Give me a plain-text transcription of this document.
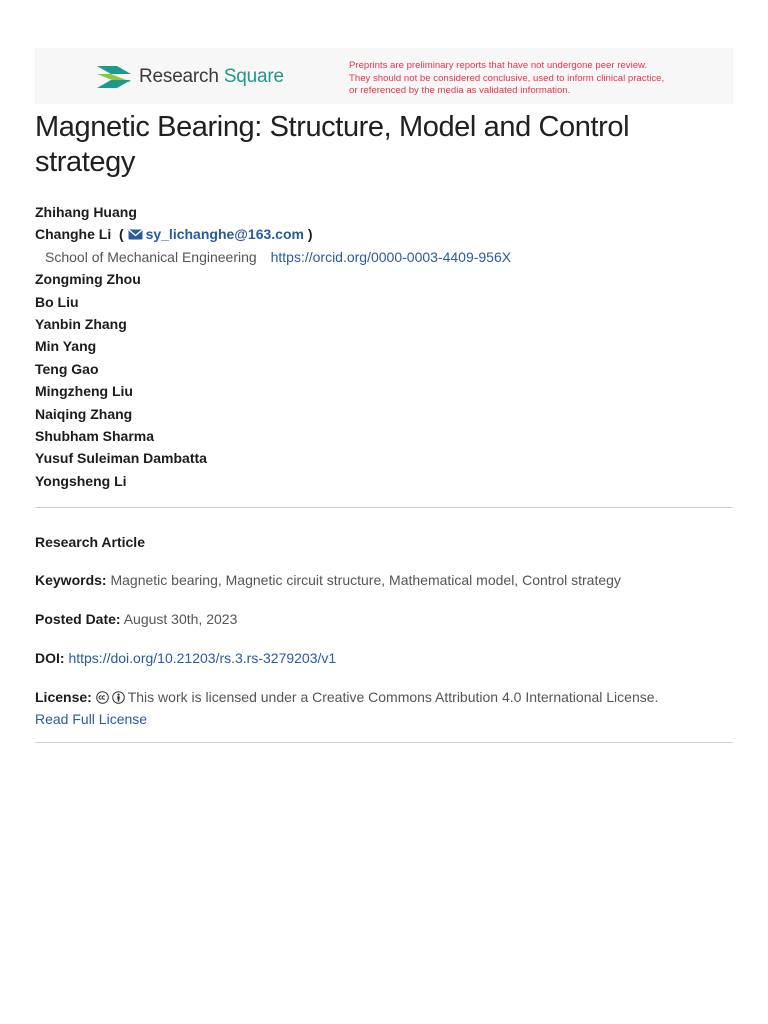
Research Square
Preprints are preliminary reports that have not undergone peer review.
They should not be considered conclusive, used to inform clinical practice,
or referenced by the media as validated information.
Magnetic Bearing: Structure, Model and Control strategy
Zhihang Huang
Changhe Li ( sy_lichanghe@163.com )
School of Mechanical Engineering https://orcid.org/0000-0003-4409-956X
Zongming Zhou
Bo Liu
Yanbin Zhang
Min Yang
Teng Gao
Mingzheng Liu
Naiqing Zhang
Shubham Sharma
Yusuf Suleiman Dambatta
Yongsheng Li
Research Article
Keywords: Magnetic bearing, Magnetic circuit structure, Mathematical model, Control strategy
Posted Date: August 30th, 2023
DOI: https://doi.org/10.21203/rs.3.rs-3279203/v1
License:	This work is licensed under a Creative Commons Attribution 4.0 International License.
Read Full License
